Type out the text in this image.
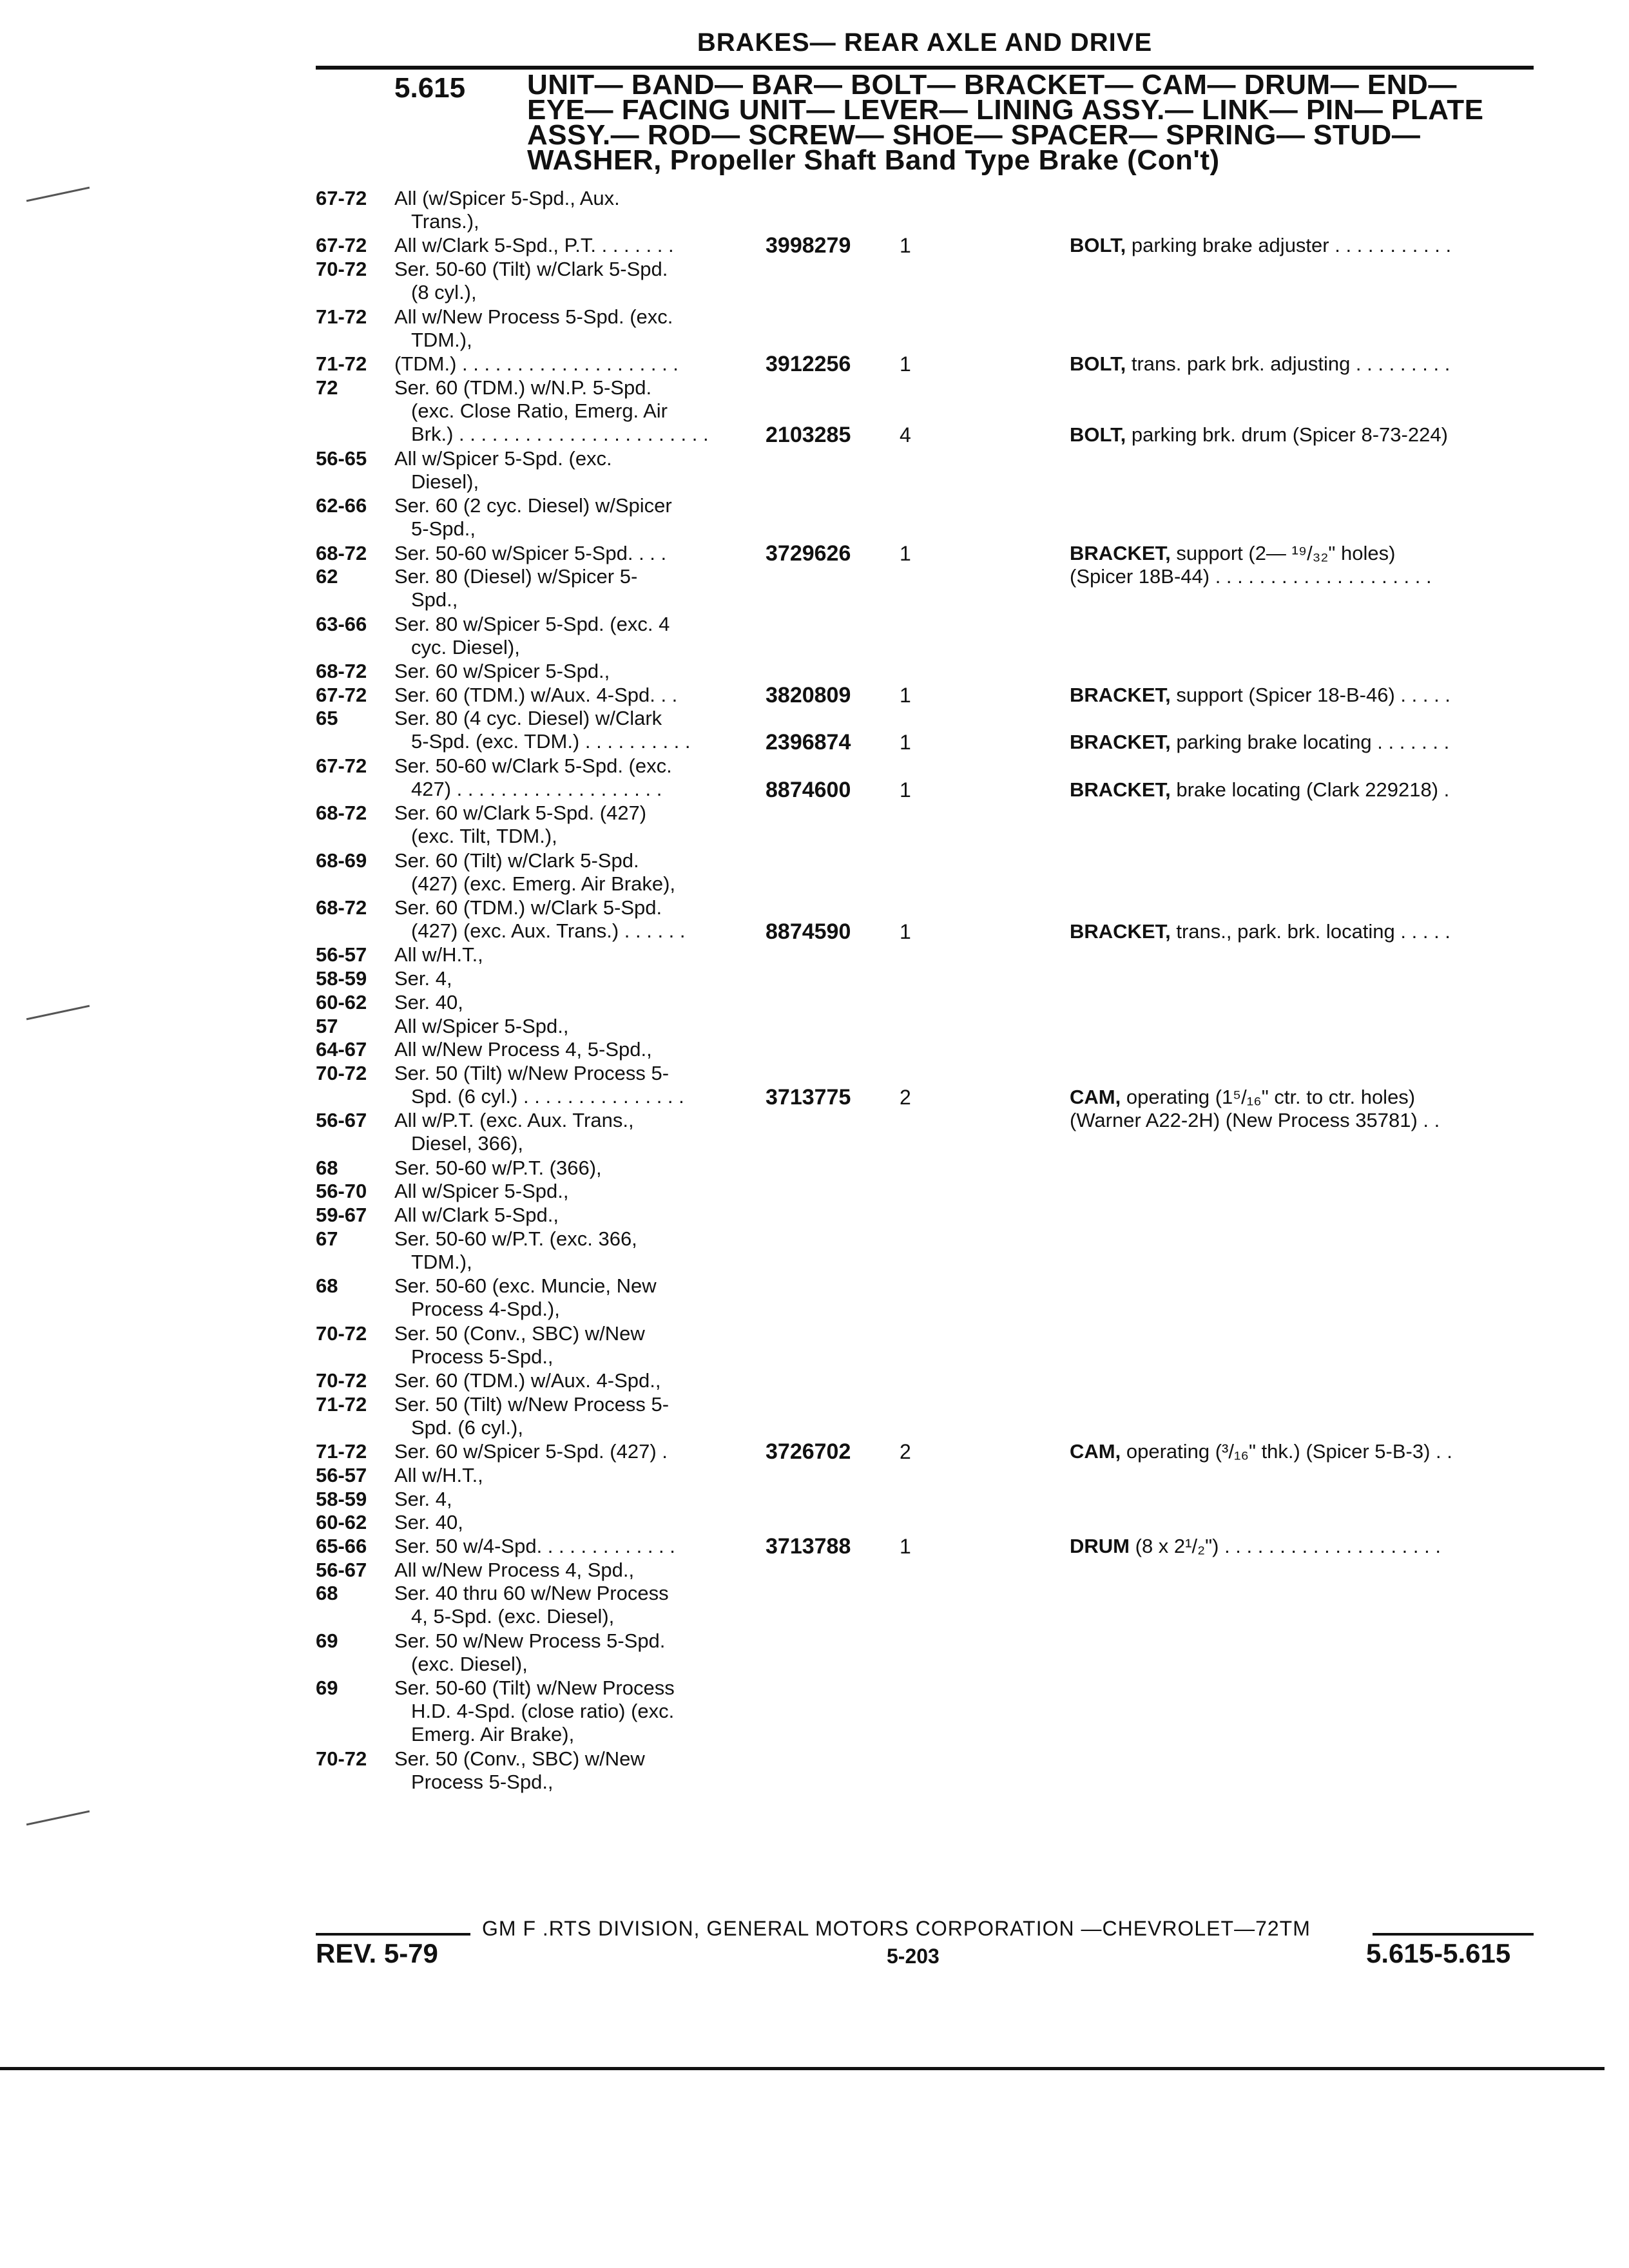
BRAKES— REAR AXLE AND DRIVE
5.615 UNIT— BAND— BAR— BOLT— BRACKET— CAM— DRUM— END—
EYE— FACING UNIT— LEVER— LINING ASSY.— LINK— PIN— PLATE
ASSY.— ROD— SCREW— SHOE— SPACER— SPRING— STUD—
WASHER, Propeller Shaft Band Type Brake (Con't)
67-72	All (w/Spicer 5-Spd., Aux.
Trans.),
67-72	All w/Clark 5-Spd., P.T. . . . . . . .	3998279	1	BOLT, parking brake adjuster . . . . . . . . . . .
70-72	Ser. 50-60 (Tilt) w/Clark 5-Spd.
(8 cyl.),
71-72	All w/New Process 5-Spd. (exc.
TDM.),
71-72	(TDM.) . . . . . . . . . . . . . . . . . . . .	3912256	1	BOLT, trans. park brk. adjusting . . . . . . . . .
72	Ser. 60 (TDM.) w/N.P. 5-Spd.
(exc. Close Ratio, Emerg. Air
Brk.) . . . . . . . . . . . . . . . . . . . . . . .	2103285	4	BOLT, parking brk. drum (Spicer 8-73-224)
56-65	All w/Spicer 5-Spd. (exc.
Diesel),
62-66	Ser. 60 (2 cyc. Diesel) w/Spicer
5-Spd.,
68-72	Ser. 50-60 w/Spicer 5-Spd. . . .	3729626	1	BRACKET, support (2— ¹⁹/₃₂" holes)
(Spicer 18B-44) . . . . . . . . . . . . . . . . . . . .
62	Ser. 80 (Diesel) w/Spicer 5-
Spd.,
63-66	Ser. 80 w/Spicer 5-Spd. (exc. 4
cyc. Diesel),
68-72	Ser. 60 w/Spicer 5-Spd.,
67-72	Ser. 60 (TDM.) w/Aux. 4-Spd. . .	3820809	1	BRACKET, support (Spicer 18-B-46) . . . . .
65	Ser. 80 (4 cyc. Diesel) w/Clark
5-Spd. (exc. TDM.) . . . . . . . . . .	2396874	1	BRACKET, parking brake locating . . . . . . .
67-72	Ser. 50-60 w/Clark 5-Spd. (exc.
427) . . . . . . . . . . . . . . . . . . .	8874600	1	BRACKET, brake locating (Clark 229218) .
68-72	Ser. 60 w/Clark 5-Spd. (427)
(exc. Tilt, TDM.),
68-69	Ser. 60 (Tilt) w/Clark 5-Spd.
(427) (exc. Emerg. Air Brake),
68-72	Ser. 60 (TDM.) w/Clark 5-Spd.
(427) (exc. Aux. Trans.) . . . . . .	8874590	1	BRACKET, trans., park. brk. locating . . . . .
56-57	All w/H.T.,
58-59	Ser. 4,
60-62	Ser. 40,
57	All w/Spicer 5-Spd.,
64-67	All w/New Process 4, 5-Spd.,
70-72	Ser. 50 (Tilt) w/New Process 5-
Spd. (6 cyl.) . . . . . . . . . . . . . . .	3713775	2	CAM, operating (1⁵/₁₆" ctr. to ctr. holes)
(Warner A22-2H) (New Process 35781) . .
56-67	All w/P.T. (exc. Aux. Trans.,
Diesel, 366),
68	Ser. 50-60 w/P.T. (366),
56-70	All w/Spicer 5-Spd.,
59-67	All w/Clark 5-Spd.,
67	Ser. 50-60 w/P.T. (exc. 366,
TDM.),
68	Ser. 50-60 (exc. Muncie, New
Process 4-Spd.),
70-72	Ser. 50 (Conv., SBC) w/New
Process 5-Spd.,
70-72	Ser. 60 (TDM.) w/Aux. 4-Spd.,
71-72	Ser. 50 (Tilt) w/New Process 5-
Spd. (6 cyl.),
71-72	Ser. 60 w/Spicer 5-Spd. (427) .	3726702	2	CAM, operating (³/₁₆" thk.) (Spicer 5-B-3) . .
56-57	All w/H.T.,
58-59	Ser. 4,
60-62	Ser. 40,
65-66	Ser. 50 w/4-Spd. . . . . . . . . . . . .	3713788	1	DRUM (8 x 2¹/₂") . . . . . . . . . . . . . . . . . . . .
56-67	All w/New Process 4, Spd.,
68	Ser. 40 thru 60 w/New Process
4, 5-Spd. (exc. Diesel),
69	Ser. 50 w/New Process 5-Spd.
(exc. Diesel),
69	Ser. 50-60 (Tilt) w/New Process
H.D. 4-Spd. (close ratio) (exc.
Emerg. Air Brake),
70-72	Ser. 50 (Conv., SBC) w/New
Process 5-Spd.,
GM F .RTS DIVISION, GENERAL MOTORS CORPORATION —CHEVROLET—72TM
REV. 5-79	5-203	5.615-5.615
